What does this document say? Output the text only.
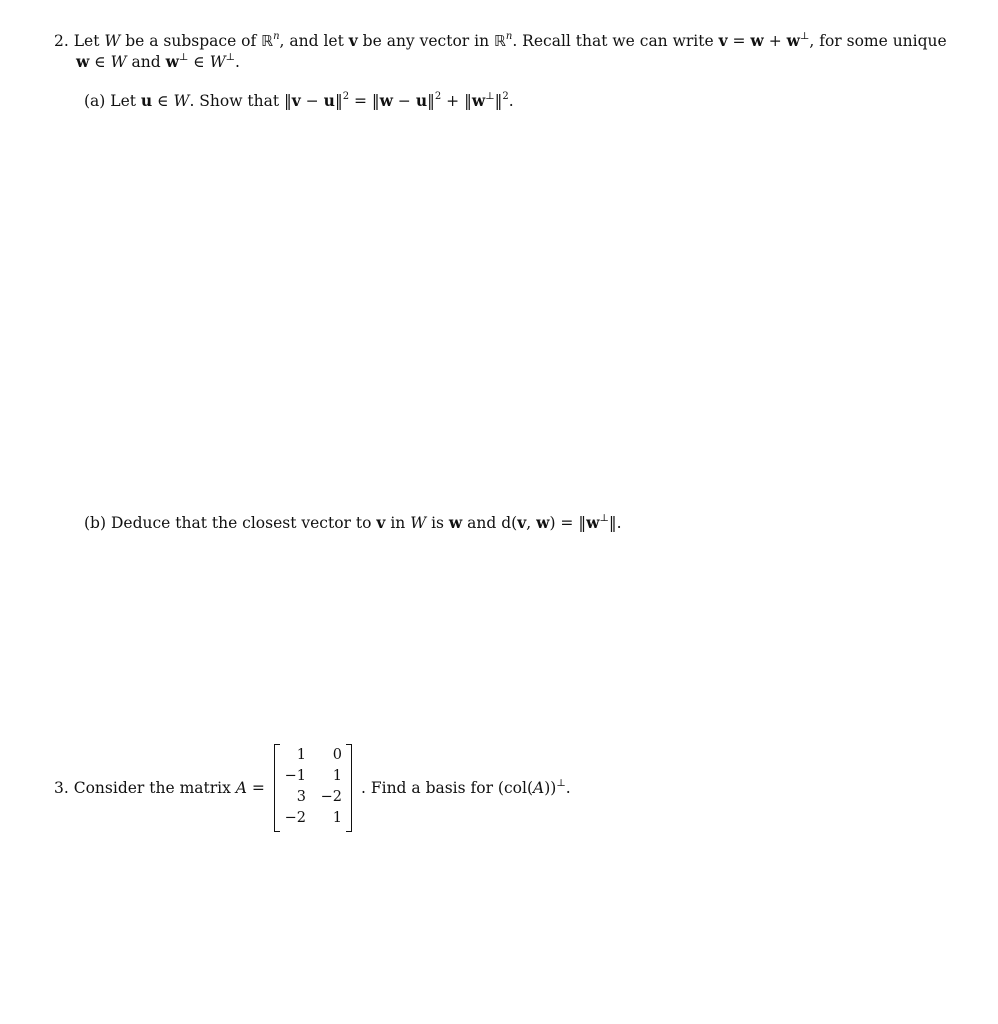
2. Let W be a subspace of ℝ$^n$, and let v be any vector in ℝ$^n$. Recall that we can write v = w + w⊥, for some unique
w ∈ W and w⊥ ∈ W⊥.
(a) Let u ∈ W. Show that ‖v − u‖$^2$ = ‖w − u‖$^2$ + ‖w⊥‖$^2$.
(b) Deduce that the closest vector to v in W is w and d(v, w) = ‖w⊥‖.
3. Consider the matrix A =
1	0
−1	1
3	−2
−2	1
. Find a basis for (col(A))⊥.
